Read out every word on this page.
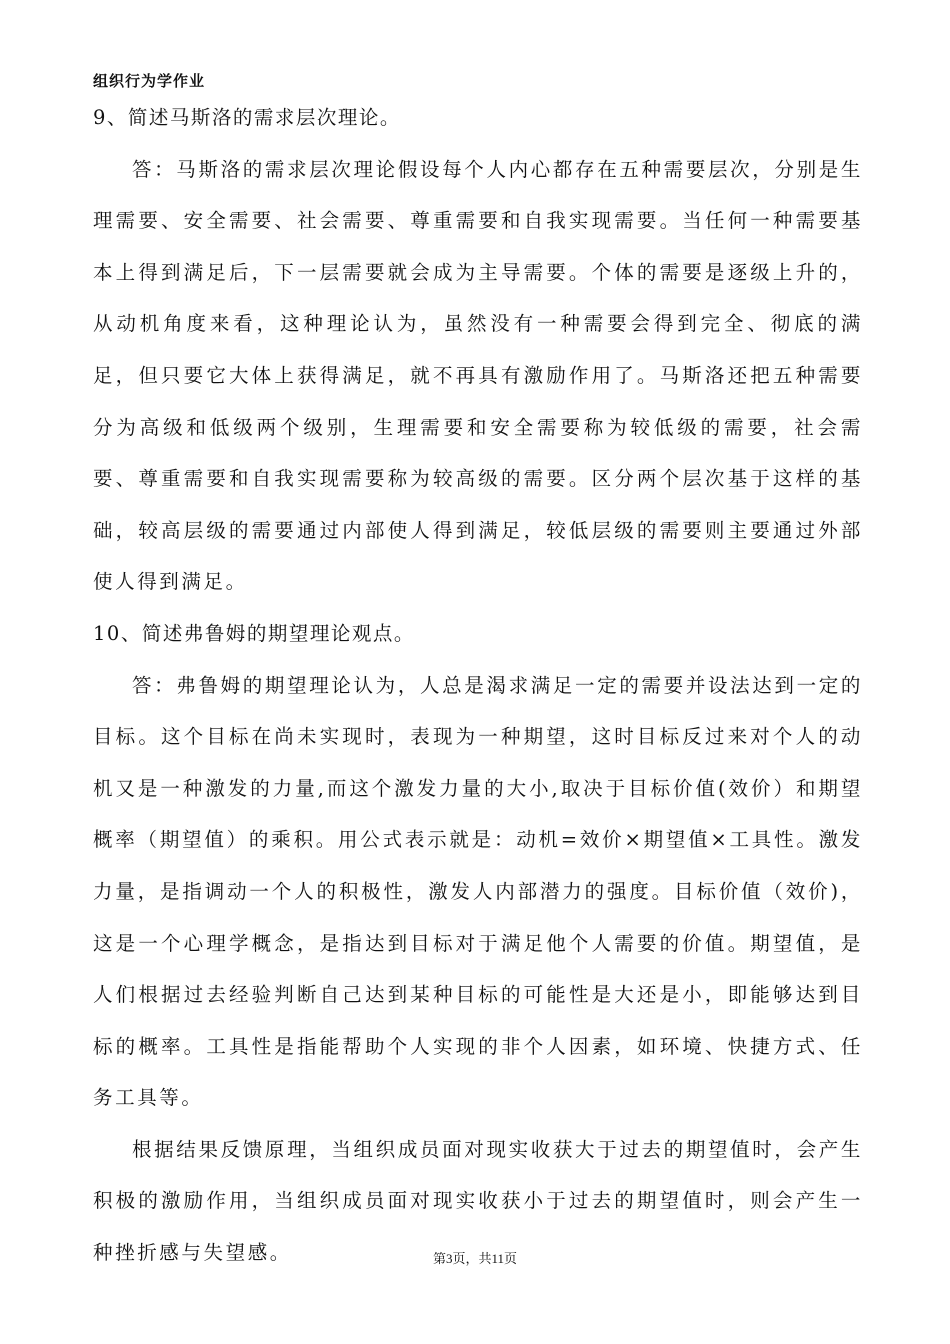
组织行为学作业

9、简述马斯洛的需求层次理论。

答：马斯洛的需求层次理论假设每个人内心都存在五种需要层次，分别是生理需要、安全需要、社会需要、尊重需要和自我实现需要。当任何一种需要基本上得到满足后，下一层需要就会成为主导需要。个体的需要是逐级上升的，从动机角度来看，这种理论认为，虽然没有一种需要会得到完全、彻底的满足，但只要它大体上获得满足，就不再具有激励作用了。马斯洛还把五种需要分为高级和低级两个级别，生理需要和安全需要称为较低级的需要，社会需要、尊重需要和自我实现需要称为较高级的需要。区分两个层次基于这样的基础，较高层级的需要通过内部使人得到满足，较低层级的需要则主要通过外部使人得到满足。

10、简述弗鲁姆的期望理论观点。

答：弗鲁姆的期望理论认为，人总是渴求满足一定的需要并设法达到一定的目标。这个目标在尚未实现时，表现为一种期望，这时目标反过来对个人的动机又是一种激发的力量,而这个激发力量的大小,取决于目标价值(效价）和期望概率（期望值）的乘积。用公式表示就是：动机=效价×期望值×工具性。激发力量，是指调动一个人的积极性，激发人内部潜力的强度。目标价值（效价)，这是一个心理学概念，是指达到目标对于满足他个人需要的价值。期望值，是人们根据过去经验判断自己达到某种目标的可能性是大还是小，即能够达到目标的概率。工具性是指能帮助个人实现的非个人因素，如环境、快捷方式、任务工具等。

根据结果反馈原理，当组织成员面对现实收获大于过去的期望值时，会产生积极的激励作用，当组织成员面对现实收获小于过去的期望值时，则会产生一种挫折感与失望感。	第3页，共11页
